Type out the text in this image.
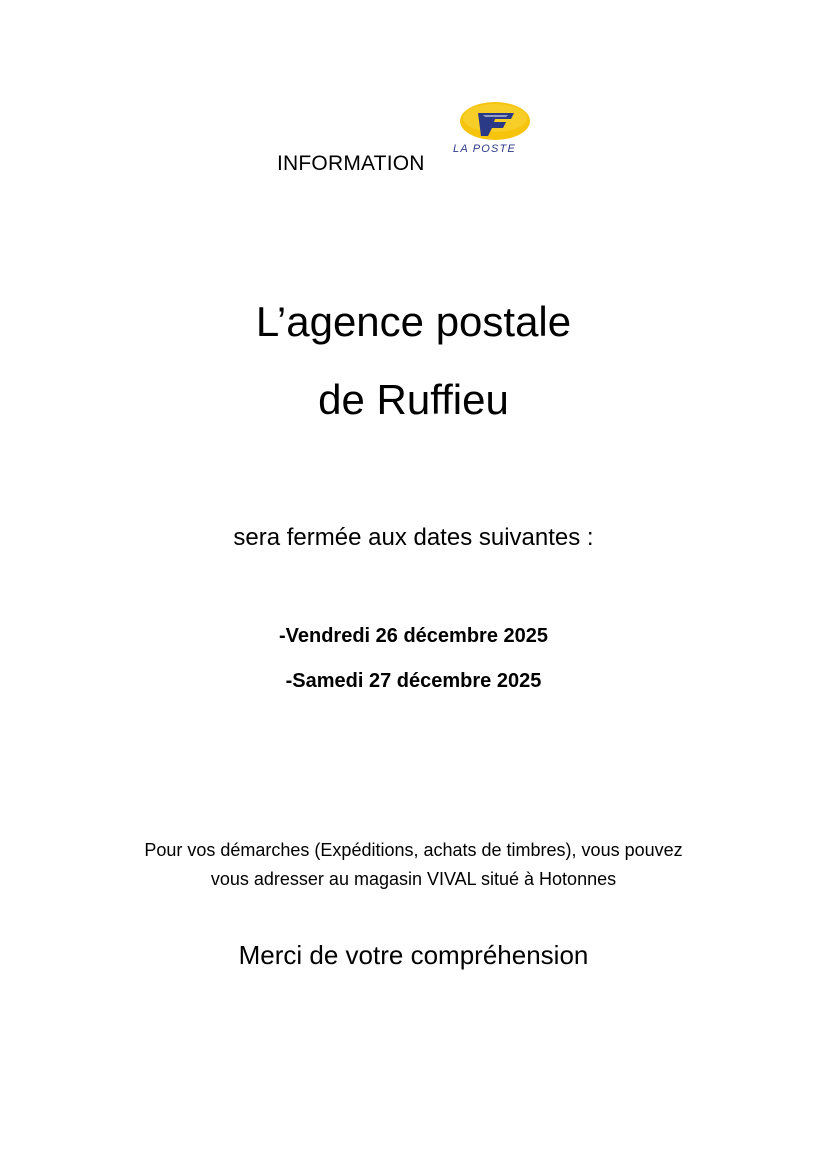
INFORMATION
LA POSTE
L’agence postale
de Ruffieu
sera fermée aux dates suivantes :
-Vendredi 26 décembre 2025
-Samedi 27 décembre 2025
Pour vos démarches (Expéditions, achats de timbres), vous pouvez
vous adresser au magasin VIVAL situé à Hotonnes
Merci de votre compréhension
